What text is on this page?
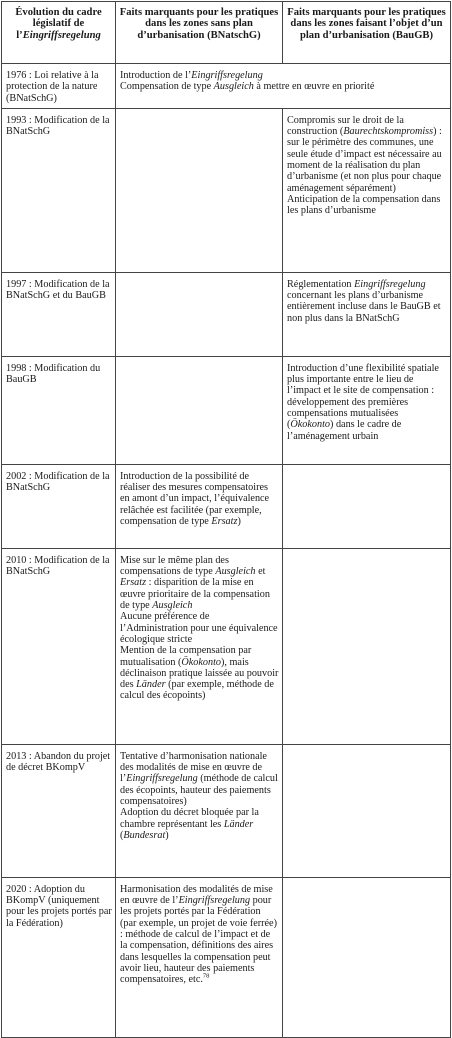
Évolution du cadre législatif de l’Eingriffsregelung	Faits marquants pour les pratiques dans les zones sans plan d’urbanisation (BNatschG)	Faits marquants pour les pratiques dans les zones faisant l’objet d’un plan d’urbanisation (BauGB)

1976 : Loi relative à la protection de la nature (BNatSchG)	Introduction de l’Eingriffsregelung

Compensation de type Ausgleich à mettre en œuvre en priorité	

1993 : Modification de la BNatSchG		Compromis sur le droit de la construction (Baurechtskompromiss) : sur le périmètre des communes, une seule étude d’impact est nécessaire au moment de la réalisation du plan d’urbanisme (et non plus pour chaque aménagement séparément)

Anticipation de la compensation dans les plans d’urbanisme

1997 : Modification de la BNatSchG et du BauGB		Réglementation Eingriffsregelung concernant les plans d’urbanisme entièrement incluse dans le BauGB et non plus dans la BNatSchG

1998 : Modification du BauGB		Introduction d’une flexibilité spatiale plus importante entre le lieu de l’impact et le site de compensation : développement des premières compensations mutualisées (Ökokonto) dans le cadre de l’aménagement urbain

2002 : Modification de la BNatSchG	Introduction de la possibilité de réaliser des mesures compensatoires en amont d’un impact, l’équivalence relâchée est facilitée (par exemple, compensation de type Ersatz)	

2010 : Modification de la BNatSchG	Mise sur le même plan des compensations de type Ausgleich et Ersatz : disparition de la mise en œuvre prioritaire de la compensation de type Ausgleich

Aucune préférence de l’Administration pour une équivalence écologique stricte

Mention de la compensation par mutualisation (Ökokonto), mais déclinaison pratique laissée au pouvoir des Länder (par exemple, méthode de calcul des écopoints)	

2013 : Abandon du projet de décret BKompV	Tentative d’harmonisation nationale des modalités de mise en œuvre de l’Eingriffsregelung (méthode de calcul des écopoints, hauteur des paiements compensatoires)

Adoption du décret bloquée par la chambre représentant les Länder (Bundesrat)	

2020 : Adoption du BKompV (uniquement pour les projets portés par la Fédération)	Harmonisation des modalités de mise en œuvre de l’Eingriffsregelung pour les projets portés par la Fédération (par exemple, un projet de voie ferrée) : méthode de calcul de l’impact et de la compensation, définitions des aires dans lesquelles la compensation peut avoir lieu, hauteur des paiements compensatoires, etc.$^{78}$
